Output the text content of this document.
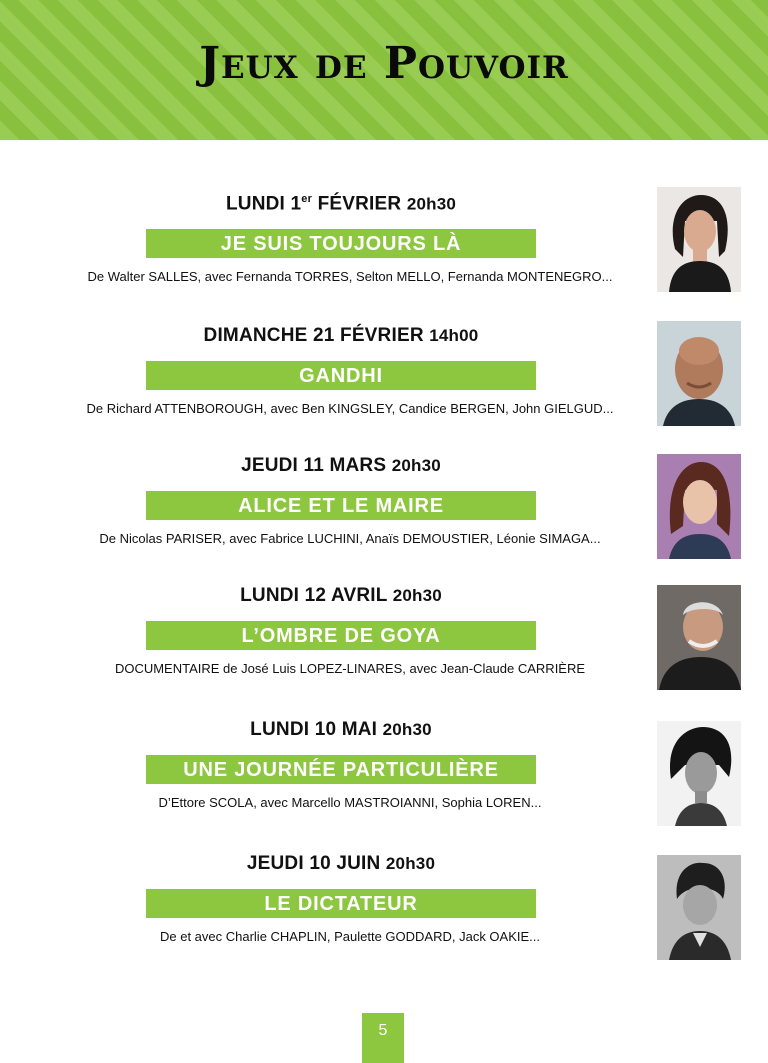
Jeux de Pouvoir
LUNDI 1er FÉVRIER 20h30
JE SUIS TOUJOURS LÀ
De Walter SALLES, avec Fernanda TORRES, Selton MELLO, Fernanda MONTENEGRO...
DIMANCHE 21 FÉVRIER 14h00
GANDHI
De Richard ATTENBOROUGH, avec Ben KINGSLEY, Candice BERGEN, John GIELGUD...
JEUDI 11 MARS 20h30
ALICE ET LE MAIRE
De Nicolas PARISER, avec Fabrice LUCHINI, Anaïs DEMOUSTIER, Léonie SIMAGA...
LUNDI 12 AVRIL 20h30
L’OMBRE DE GOYA
DOCUMENTAIRE de José Luis LOPEZ-LINARES, avec Jean-Claude CARRIÈRE
LUNDI 10 MAI 20h30
UNE JOURNÉE PARTICULIÈRE
D’Ettore SCOLA, avec Marcello MASTROIANNI, Sophia LOREN...
JEUDI 10 JUIN 20h30
LE DICTATEUR
De et avec Charlie CHAPLIN, Paulette GODDARD, Jack OAKIE...
5
